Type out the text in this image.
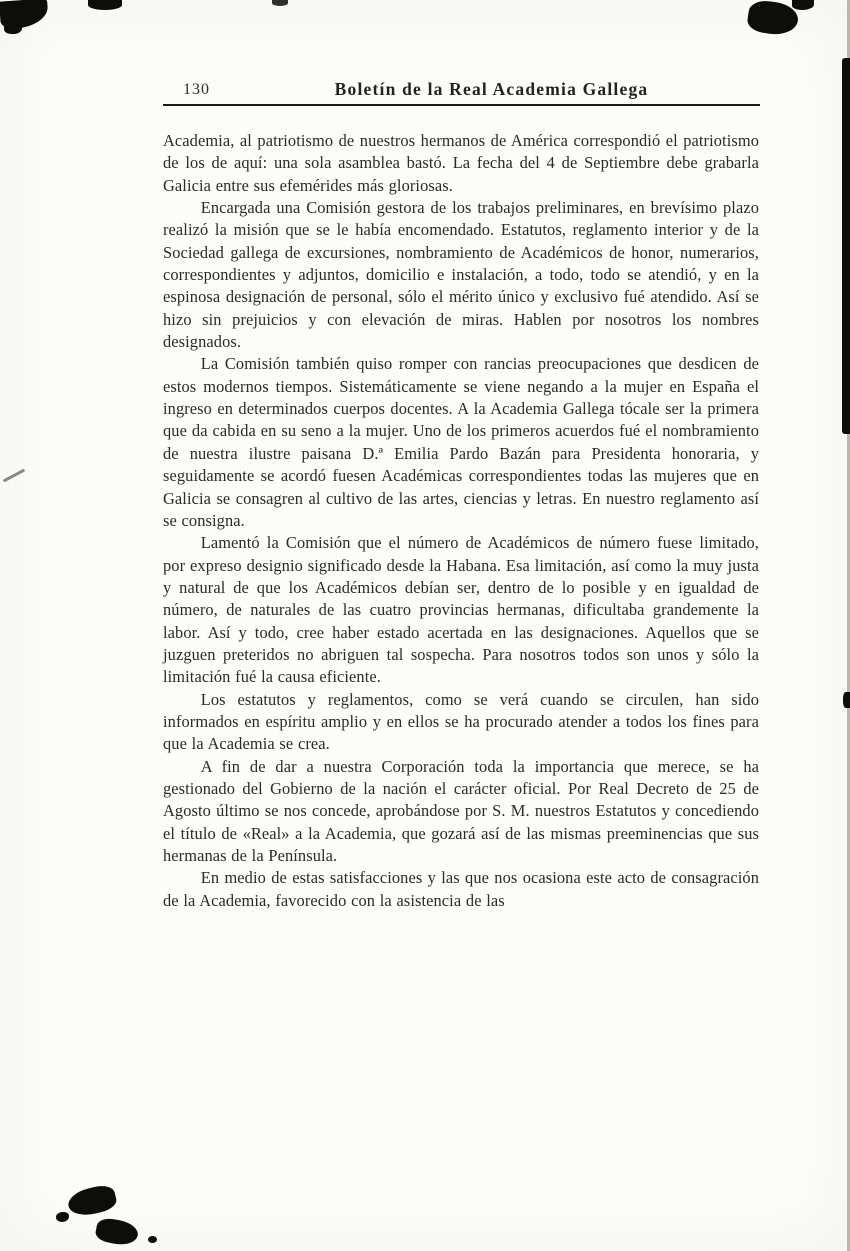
130	Boletín de la Real Academia Gallega

Academia, al patriotismo de nuestros hermanos de América correspondió el patriotismo de los de aquí: una sola asamblea bastó. La fecha del 4 de Septiembre debe grabarla Galicia entre sus efemérides más gloriosas.

Encargada una Comisión gestora de los trabajos preliminares, en brevísimo plazo realizó la misión que se le había encomendado. Estatutos, reglamento interior y de la Sociedad gallega de excursiones, nombramiento de Académicos de honor, numerarios, correspondientes y adjuntos, domicilio e instalación, a todo, todo se atendió, y en la espinosa designación de personal, sólo el mérito único y exclusivo fué atendido. Así se hizo sin prejuicios y con elevación de miras. Hablen por nosotros los nombres designados.

La Comisión también quiso romper con rancias preocupaciones que desdicen de estos modernos tiempos. Sistemáticamente se viene negando a la mujer en España el ingreso en determinados cuerpos docentes. A la Academia Gallega tócale ser la primera que da cabida en su seno a la mujer. Uno de los primeros acuerdos fué el nombramiento de nuestra ilustre paisana D.ª Emilia Pardo Bazán para Presidenta honoraria, y seguidamente se acordó fuesen Académicas correspondientes todas las mujeres que en Galicia se consagren al cultivo de las artes, ciencias y letras. En nuestro reglamento así se consigna.

Lamentó la Comisión que el número de Académicos de número fuese limitado, por expreso designio significado desde la Habana. Esa limitación, así como la muy justa y natural de que los Académicos debían ser, dentro de lo posible y en igualdad de número, de naturales de las cuatro provincias hermanas, dificultaba grandemente la labor. Así y todo, cree haber estado acertada en las designaciones. Aquellos que se juzguen preteridos no abriguen tal sospecha. Para nosotros todos son unos y sólo la limitación fué la causa eficiente.

Los estatutos y reglamentos, como se verá cuando se circulen, han sido informados en espíritu amplio y en ellos se ha procurado atender a todos los fines para que la Academia se crea.

A fin de dar a nuestra Corporación toda la importancia que merece, se ha gestionado del Gobierno de la nación el carácter oficial. Por Real Decreto de 25 de Agosto último se nos concede, aprobándose por S. M. nuestros Estatutos y concediendo el título de «Real» a la Academia, que gozará así de las mismas preeminencias que sus hermanas de la Península.

En medio de estas satisfacciones y las que nos ocasiona este acto de consagración de la Academia, favorecido con la asistencia de las
